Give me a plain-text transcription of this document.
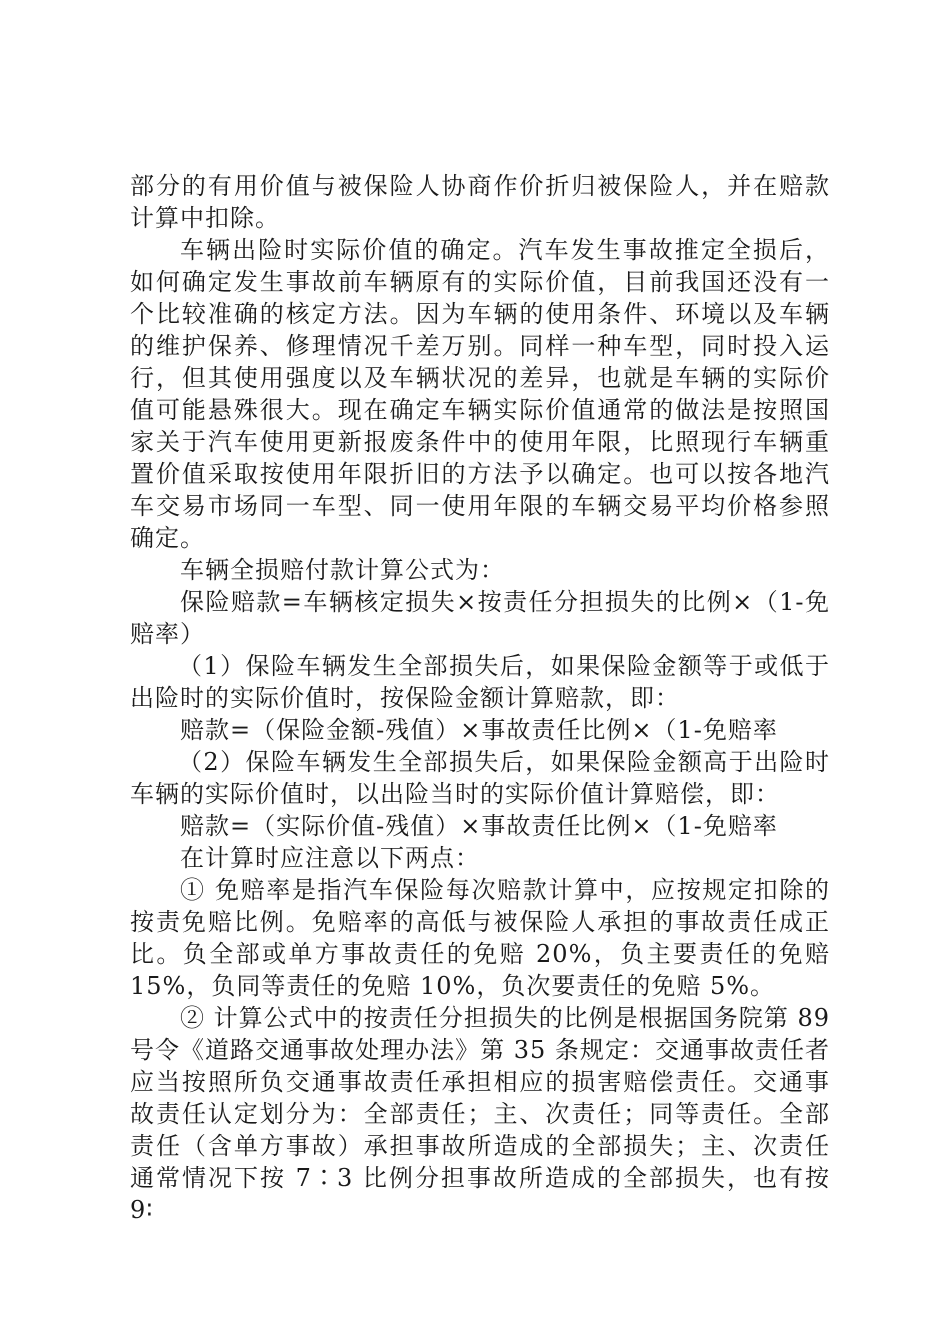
部分的有用价值与被保险人协商作价折归被保险人，并在赔款
计算中扣除。
车辆出险时实际价值的确定。汽车发生事故推定全损后，
如何确定发生事故前车辆原有的实际价值，目前我国还没有一
个比较准确的核定方法。因为车辆的使用条件、环境以及车辆
的维护保养、修理情况千差万别。同样一种车型，同时投入运
行，但其使用强度以及车辆状况的差异，也就是车辆的实际价
值可能悬殊很大。现在确定车辆实际价值通常的做法是按照国
家关于汽车使用更新报废条件中的使用年限，比照现行车辆重
置价值采取按使用年限折旧的方法予以确定。也可以按各地汽
车交易市场同一车型、同一使用年限的车辆交易平均价格参照
确定。
车辆全损赔付款计算公式为：
保险赔款=车辆核定损失×按责任分担损失的比例×（1-免
赔率）
（1）保险车辆发生全部损失后，如果保险金额等于或低于
出险时的实际价值时，按保险金额计算赔款，即：
赔款=（保险金额-残值）×事故责任比例×（1-免赔率
（2）保险车辆发生全部损失后，如果保险金额高于出险时
车辆的实际价值时，以出险当时的实际价值计算赔偿，即：
赔款=（实际价值-残值）×事故责任比例×（1-免赔率
在计算时应注意以下两点：
① 免赔率是指汽车保险每次赔款计算中，应按规定扣除的
按责免赔比例。免赔率的高低与被保险人承担的事故责任成正
比。负全部或单方事故责任的免赔 20%，负主要责任的免赔
15%，负同等责任的免赔 10%，负次要责任的免赔 5%。
② 计算公式中的按责任分担损失的比例是根据国务院第 89
号令《道路交通事故处理办法》第 35 条规定：交通事故责任者
应当按照所负交通事故责任承担相应的损害赔偿责任。交通事
故责任认定划分为：全部责任；主、次责任；同等责任。全部
责任（含单方事故）承担事故所造成的全部损失；主、次责任
通常情况下按 7∶3 比例分担事故所造成的全部损失，也有按
9∶
